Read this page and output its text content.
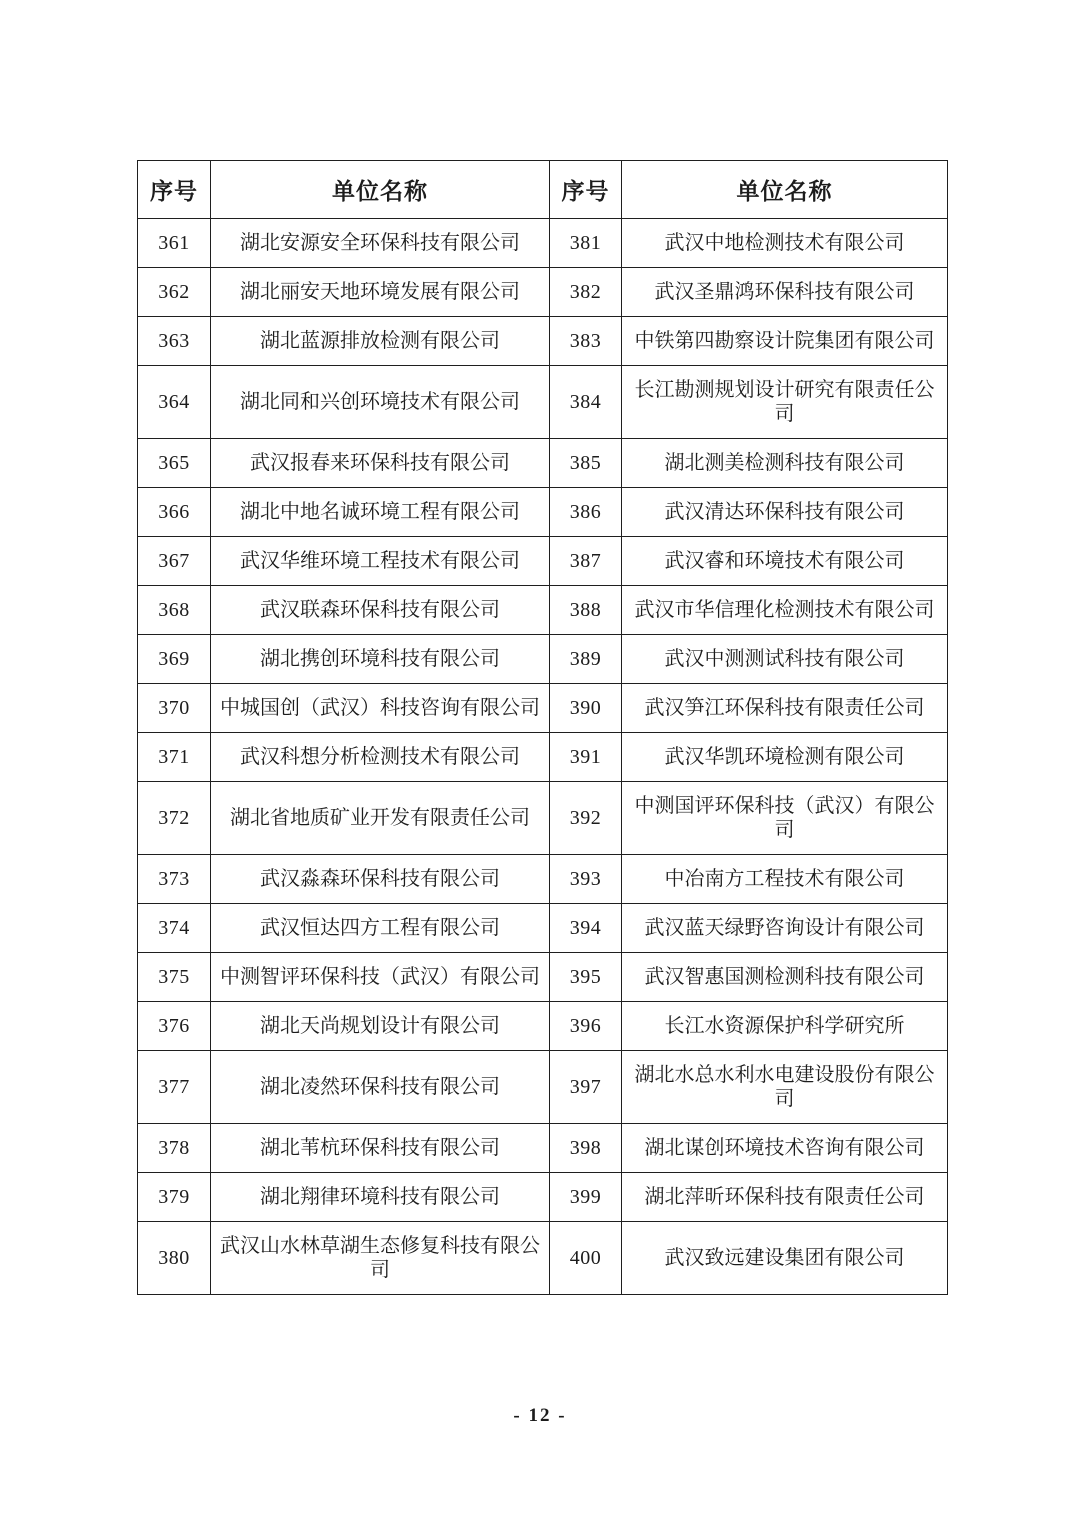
序号	单位名称	序号	单位名称
361	湖北安源安全环保科技有限公司	381	武汉中地检测技术有限公司
362	湖北丽安天地环境发展有限公司	382	武汉圣鼎鸿环保科技有限公司
363	湖北蓝源排放检测有限公司	383	中铁第四勘察设计院集团有限公司
364	湖北同和兴创环境技术有限公司	384	长江勘测规划设计研究有限责任公司
365	武汉报春来环保科技有限公司	385	湖北测美检测科技有限公司
366	湖北中地名诚环境工程有限公司	386	武汉清达环保科技有限公司
367	武汉华维环境工程技术有限公司	387	武汉睿和环境技术有限公司
368	武汉联森环保科技有限公司	388	武汉市华信理化检测技术有限公司
369	湖北携创环境科技有限公司	389	武汉中测测试科技有限公司
370	中城国创（武汉）科技咨询有限公司	390	武汉笋江环保科技有限责任公司
371	武汉科想分析检测技术有限公司	391	武汉华凯环境检测有限公司
372	湖北省地质矿业开发有限责任公司	392	中测国评环保科技（武汉）有限公司
373	武汉淼森环保科技有限公司	393	中冶南方工程技术有限公司
374	武汉恒达四方工程有限公司	394	武汉蓝天绿野咨询设计有限公司
375	中测智评环保科技（武汉）有限公司	395	武汉智惠国测检测科技有限公司
376	湖北天尚规划设计有限公司	396	长江水资源保护科学研究所
377	湖北凌然环保科技有限公司	397	湖北水总水利水电建设股份有限公司
378	湖北苇杭环保科技有限公司	398	湖北谋创环境技术咨询有限公司
379	湖北翔律环境科技有限公司	399	湖北萍昕环保科技有限责任公司
380	武汉山水林草湖生态修复科技有限公司	400	武汉致远建设集团有限公司
- 12 -
